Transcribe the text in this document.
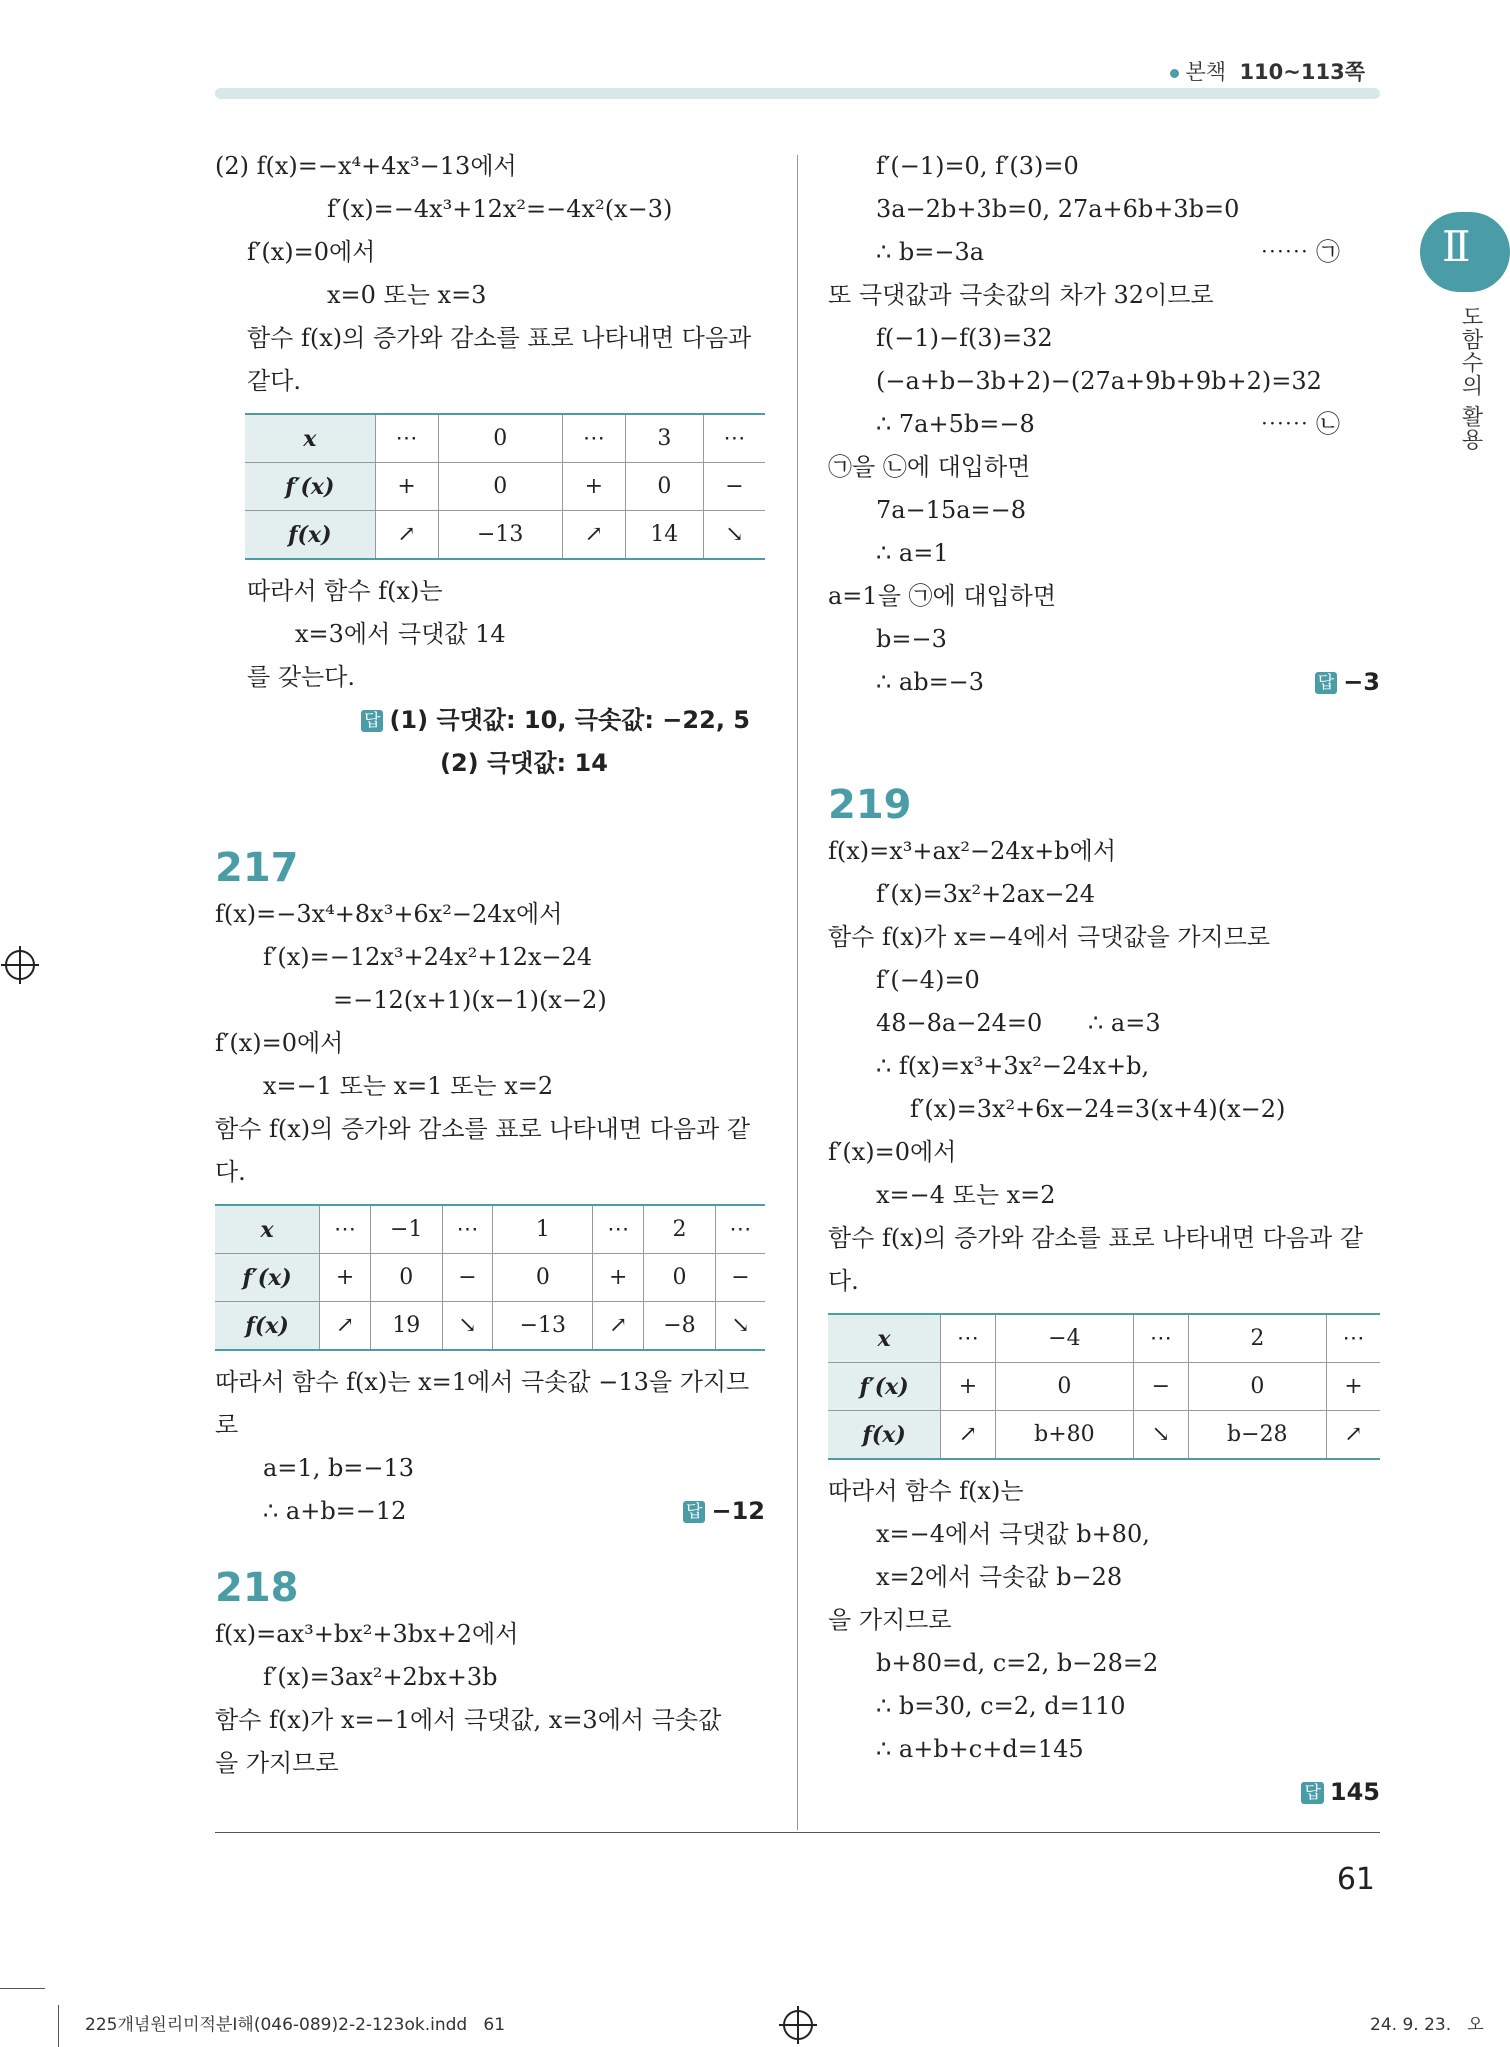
본책 110~113쪽
Ⅱ
도함수의 활용
(2) f(x)=−x⁴+4x³−13에서
f′(x)=−4x³+12x²=−4x²(x−3)
f′(x)=0에서
x=0 또는 x=3
함수 f(x)의 증가와 감소를 표로 나타내면 다음과
같다.
x	⋯	0	⋯	3	⋯
f′(x)	+	0	+	0	−
f(x)	↗	−13	↗	14	↘
따라서 함수 f(x)는
x=3에서 극댓값 14
를 갖는다.
답 (1) 극댓값: 10, 극솟값: −22, 5
(2) 극댓값: 14
217
f(x)=−3x⁴+8x³+6x²−24x에서
f′(x)=−12x³+24x²+12x−24
=−12(x+1)(x−1)(x−2)
f′(x)=0에서
x=−1 또는 x=1 또는 x=2
함수 f(x)의 증가와 감소를 표로 나타내면 다음과 같
다.
x	⋯	−1	⋯	1	⋯	2	⋯
f′(x)	+	0	−	0	+	0	−
f(x)	↗	19	↘	−13	↗	−8	↘
따라서 함수 f(x)는 x=1에서 극솟값 −13을 가지므
로
a=1, b=−13
∴ a+b=−12	답 −12
218
f(x)=ax³+bx²+3bx+2에서
f′(x)=3ax²+2bx+3b
함수 f(x)가 x=−1에서 극댓값, x=3에서 극솟값
을 가지므로
f′(−1)=0, f′(3)=0
3a−2b+3b=0, 27a+6b+3b=0
∴ b=−3a	⋯⋯ ㉠
또 극댓값과 극솟값의 차가 32이므로
f(−1)−f(3)=32
(−a+b−3b+2)−(27a+9b+9b+2)=32
∴ 7a+5b=−8	⋯⋯ ㉡
㉠을 ㉡에 대입하면
7a−15a=−8
∴ a=1
a=1을 ㉠에 대입하면
b=−3
∴ ab=−3	답 −3
219
f(x)=x³+ax²−24x+b에서
f′(x)=3x²+2ax−24
함수 f(x)가 x=−4에서 극댓값을 가지므로
f′(−4)=0
48−8a−24=0      ∴ a=3
∴ f(x)=x³+3x²−24x+b,
f′(x)=3x²+6x−24=3(x+4)(x−2)
f′(x)=0에서
x=−4 또는 x=2
함수 f(x)의 증가와 감소를 표로 나타내면 다음과 같
다.
x	⋯	−4	⋯	2	⋯
f′(x)	+	0	−	0	+
f(x)	↗	b+80	↘	b−28	↗
따라서 함수 f(x)는
x=−4에서 극댓값 b+80,
x=2에서 극솟값 b−28
을 가지므로
b+80=d, c=2, b−28=2
∴ b=30, c=2, d=110
∴ a+b+c+d=145
답 145
61
225개념원리미적분Ⅰ해(046-089)2-2-123ok.indd   61	24. 9. 23.   오
